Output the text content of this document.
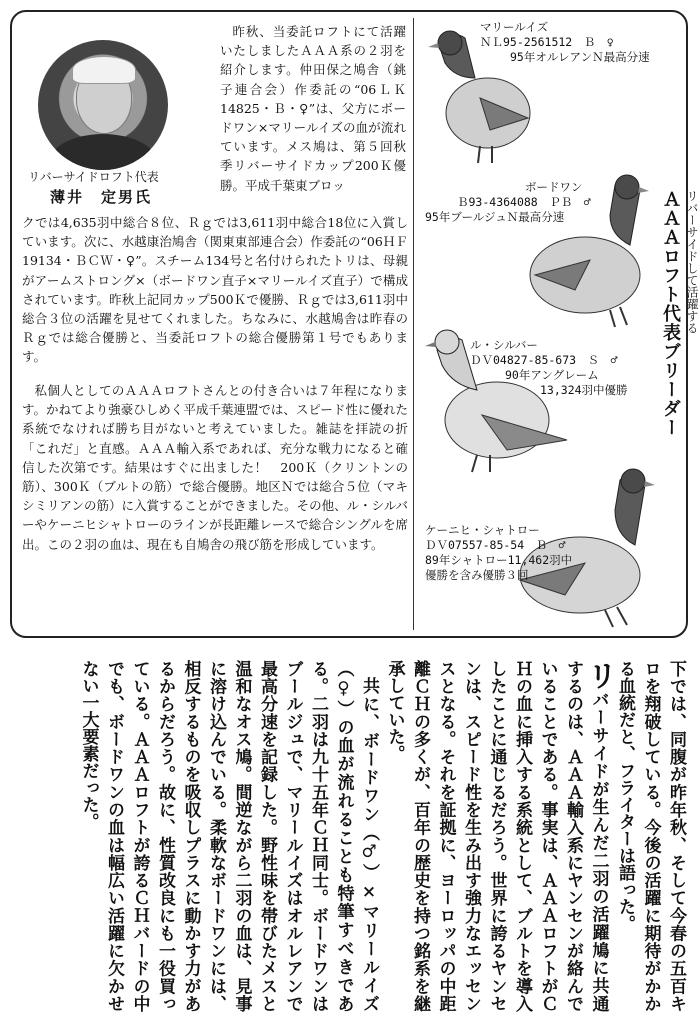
リバーサイドロフト代表
薄井　定男氏

昨秋、当委託ロフトにて活躍いたしましたＡＡＡ系の２羽を紹介します。仲田保之鳩舎（銚子連合会）作委託の“06ＬＫ14825・Ｂ・♀”は、父方にボードワン×マリールイズの血が流れています。メス鳩は、第５回秋季リバーサイドカップ200Ｋ優勝。平成千葉東ブロッ

クでは4,635羽中総合８位、Ｒｇでは3,611羽中総合18位に入賞しています。次に、水越康治鳩舎（関東東部連合会）作委託の“06ＨＦ19134・ＢＣＷ・♀”。スチーム134号と名付けられたトリは、母親がアームストロング×（ボードワン直子×マリールイズ直子）で構成されています。昨秋上記同カップ500Ｋで優勝、Ｒｇでは3,611羽中総合３位の活躍を見せてくれました。ちなみに、水越鳩舎は昨春のＲｇでは総合優勝と、当委託ロフトの総合優勝第１号でもあります。

私個人としてのＡＡＡロフトさんとの付き合いは７年程になります。かねてより強豪ひしめく平成千葉連盟では、スピード性に優れた系統でなければ勝ち目がないと考えていました。雑誌を拝読の折「これだ」と直感。ＡＡＡ輸入系であれば、充分な戦力になると確信した次第です。結果はすぐに出ました！　200Ｋ（クリントンの筋）、300Ｋ（ブルトの筋）で総合優勝。地区Ｎでは総合５位（マキシミリアンの筋）に入賞することができました。その他、ル・シルバーやケーニヒシャトローのラインが長距離レースで総合シングルを席出。この２羽の血は、現在も自鳩舎の飛び筋を形成しています。

マリールイズ
ＮＬ95-2561512　Ｂ　♀
95年オルレアンＮ最高分速
ボードワン
Ｂ93-4364088　ＰＢ　♂
95年ブールジュＮ最高分速
ル・シルバー
ＤＶ04827-85-673　Ｓ　♂
90年アングレーム
13,324羽中優勝
ケーニヒ・シャトロー
ＤＶ07557-85-54　Ｂ　♂
89年シャトロー11,462羽中
優勝を含み優勝３回
リバーサイドして活躍する
ＡＡＡロフト代表ブリーダー

下では、同腹が昨年秋、そして今春の五百キロを翔破している。今後の活躍に期待がかかる血統だと、フライターは語った。

リバーサイドが生んだ二羽の活躍鳩に共通するのは、ＡＡＡ輸入系にヤンセンが絡んでいることである。事実は、ＡＡＡロフトがＣＨの血に挿入する系統として、ブルトを導入したことに通じるだろう。世界に誇るヤンセンは、スピード性を生み出す強力なエッセンスとなる。それを証拠に、ヨーロッパの中距離ＣＨの多くが、百年の歴史を持つ銘系を継承していた。

共に、ボードワン（♂）×マリールイズ（♀）の血が流れることも特筆すべきである。二羽は九十五年ＣＨ同士。ボードワンはブールジュで、マリールイズはオルレアンで最高分速を記録した。野性味を帯びたメスと温和なオス鳩。間逆ながら二羽の血は、見事に溶け込んでいる。柔軟なボードワンには、相反するものを吸収しプラスに動かす力があるからだろう。故に、性質改良にも一役買っている。ＡＡＡロフトが誇るＣＨバードの中でも、ボードワンの血は幅広い活躍に欠かせない一大要素だった。
